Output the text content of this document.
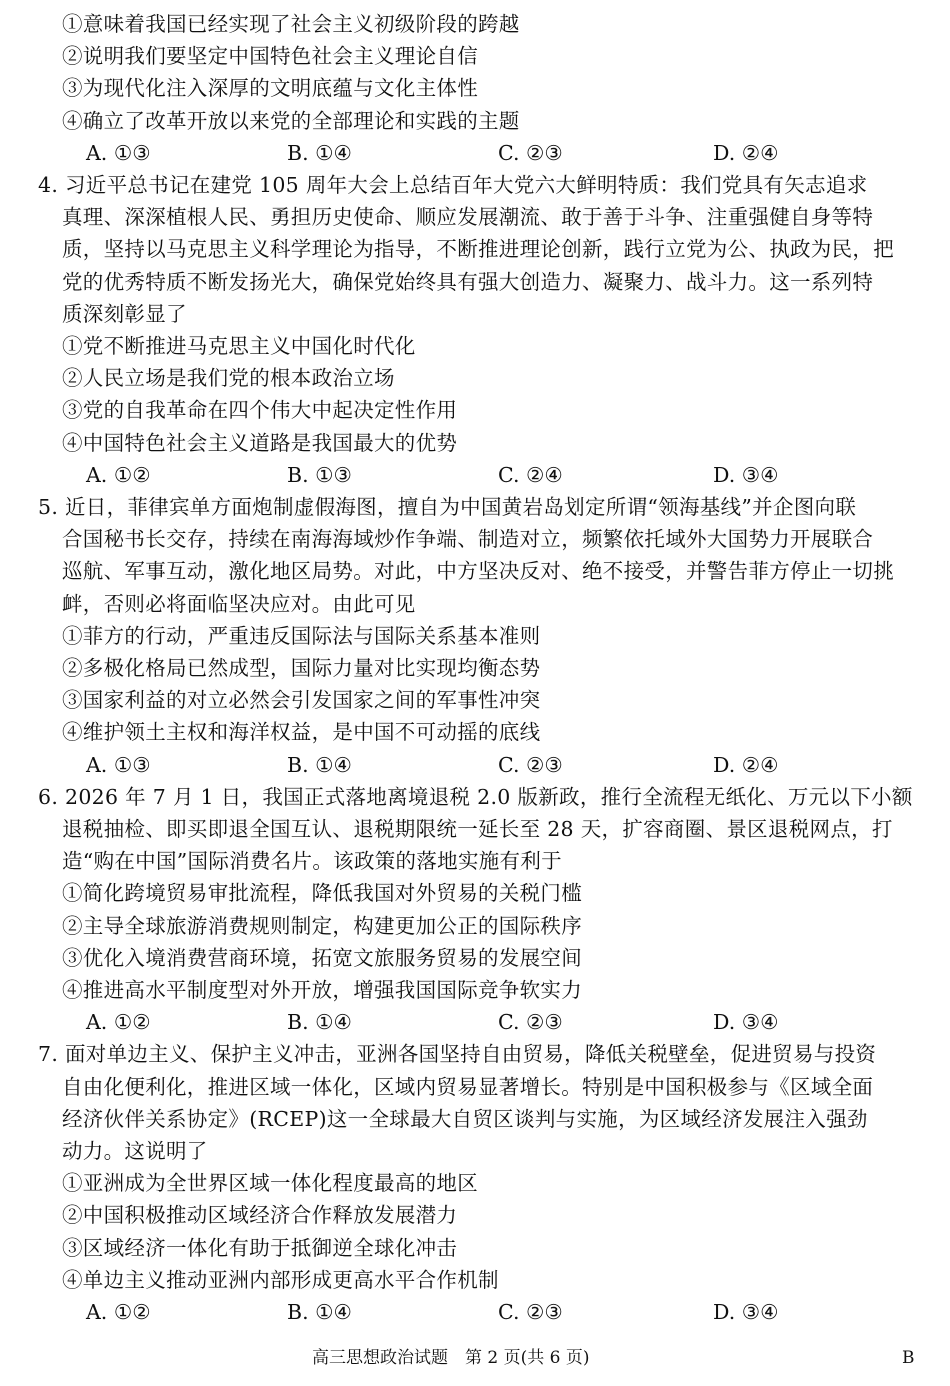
①意味着我国已经实现了社会主义初级阶段的跨越
②说明我们要坚定中国特色社会主义理论自信
③为现代化注入深厚的文明底蕴与文化主体性
④确立了改革开放以来党的全部理论和实践的主题
A. ①③	B. ①④	C. ②③	D. ②④
4. 习近平总书记在建党 105 周年大会上总结百年大党六大鲜明特质：我们党具有矢志追求
真理、深深植根人民、勇担历史使命、顺应发展潮流、敢于善于斗争、注重强健自身等特
质，坚持以马克思主义科学理论为指导，不断推进理论创新，践行立党为公、执政为民，把
党的优秀特质不断发扬光大，确保党始终具有强大创造力、凝聚力、战斗力。这一系列特
质深刻彰显了
①党不断推进马克思主义中国化时代化
②人民立场是我们党的根本政治立场
③党的自我革命在四个伟大中起决定性作用
④中国特色社会主义道路是我国最大的优势
A. ①②	B. ①③	C. ②④	D. ③④
5. 近日，菲律宾单方面炮制虚假海图，擅自为中国黄岩岛划定所谓“领海基线”并企图向联
合国秘书长交存，持续在南海海域炒作争端、制造对立，频繁依托域外大国势力开展联合
巡航、军事互动，激化地区局势。对此，中方坚决反对、绝不接受，并警告菲方停止一切挑
衅，否则必将面临坚决应对。由此可见
①菲方的行动，严重违反国际法与国际关系基本准则
②多极化格局已然成型，国际力量对比实现均衡态势
③国家利益的对立必然会引发国家之间的军事性冲突
④维护领土主权和海洋权益，是中国不可动摇的底线
A. ①③	B. ①④	C. ②③	D. ②④
6. 2026 年 7 月 1 日，我国正式落地离境退税 2.0 版新政，推行全流程无纸化、万元以下小额
退税抽检、即买即退全国互认、退税期限统一延长至 28 天，扩容商圈、景区退税网点，打
造“购在中国”国际消费名片。该政策的落地实施有利于
①简化跨境贸易审批流程，降低我国对外贸易的关税门槛
②主导全球旅游消费规则制定，构建更加公正的国际秩序
③优化入境消费营商环境，拓宽文旅服务贸易的发展空间
④推进高水平制度型对外开放，增强我国国际竞争软实力
A. ①②	B. ①④	C. ②③	D. ③④
7. 面对单边主义、保护主义冲击，亚洲各国坚持自由贸易，降低关税壁垒，促进贸易与投资
自由化便利化，推进区域一体化，区域内贸易显著增长。特别是中国积极参与《区域全面
经济伙伴关系协定》(RCEP)这一全球最大自贸区谈判与实施，为区域经济发展注入强劲
动力。这说明了
①亚洲成为全世界区域一体化程度最高的地区
②中国积极推动区域经济合作释放发展潜力
③区域经济一体化有助于抵御逆全球化冲击
④单边主义推动亚洲内部形成更高水平合作机制
A. ①②	B. ①④	C. ②③	D. ③④
高三思想政治试题　第 2 页(共 6 页)	B
